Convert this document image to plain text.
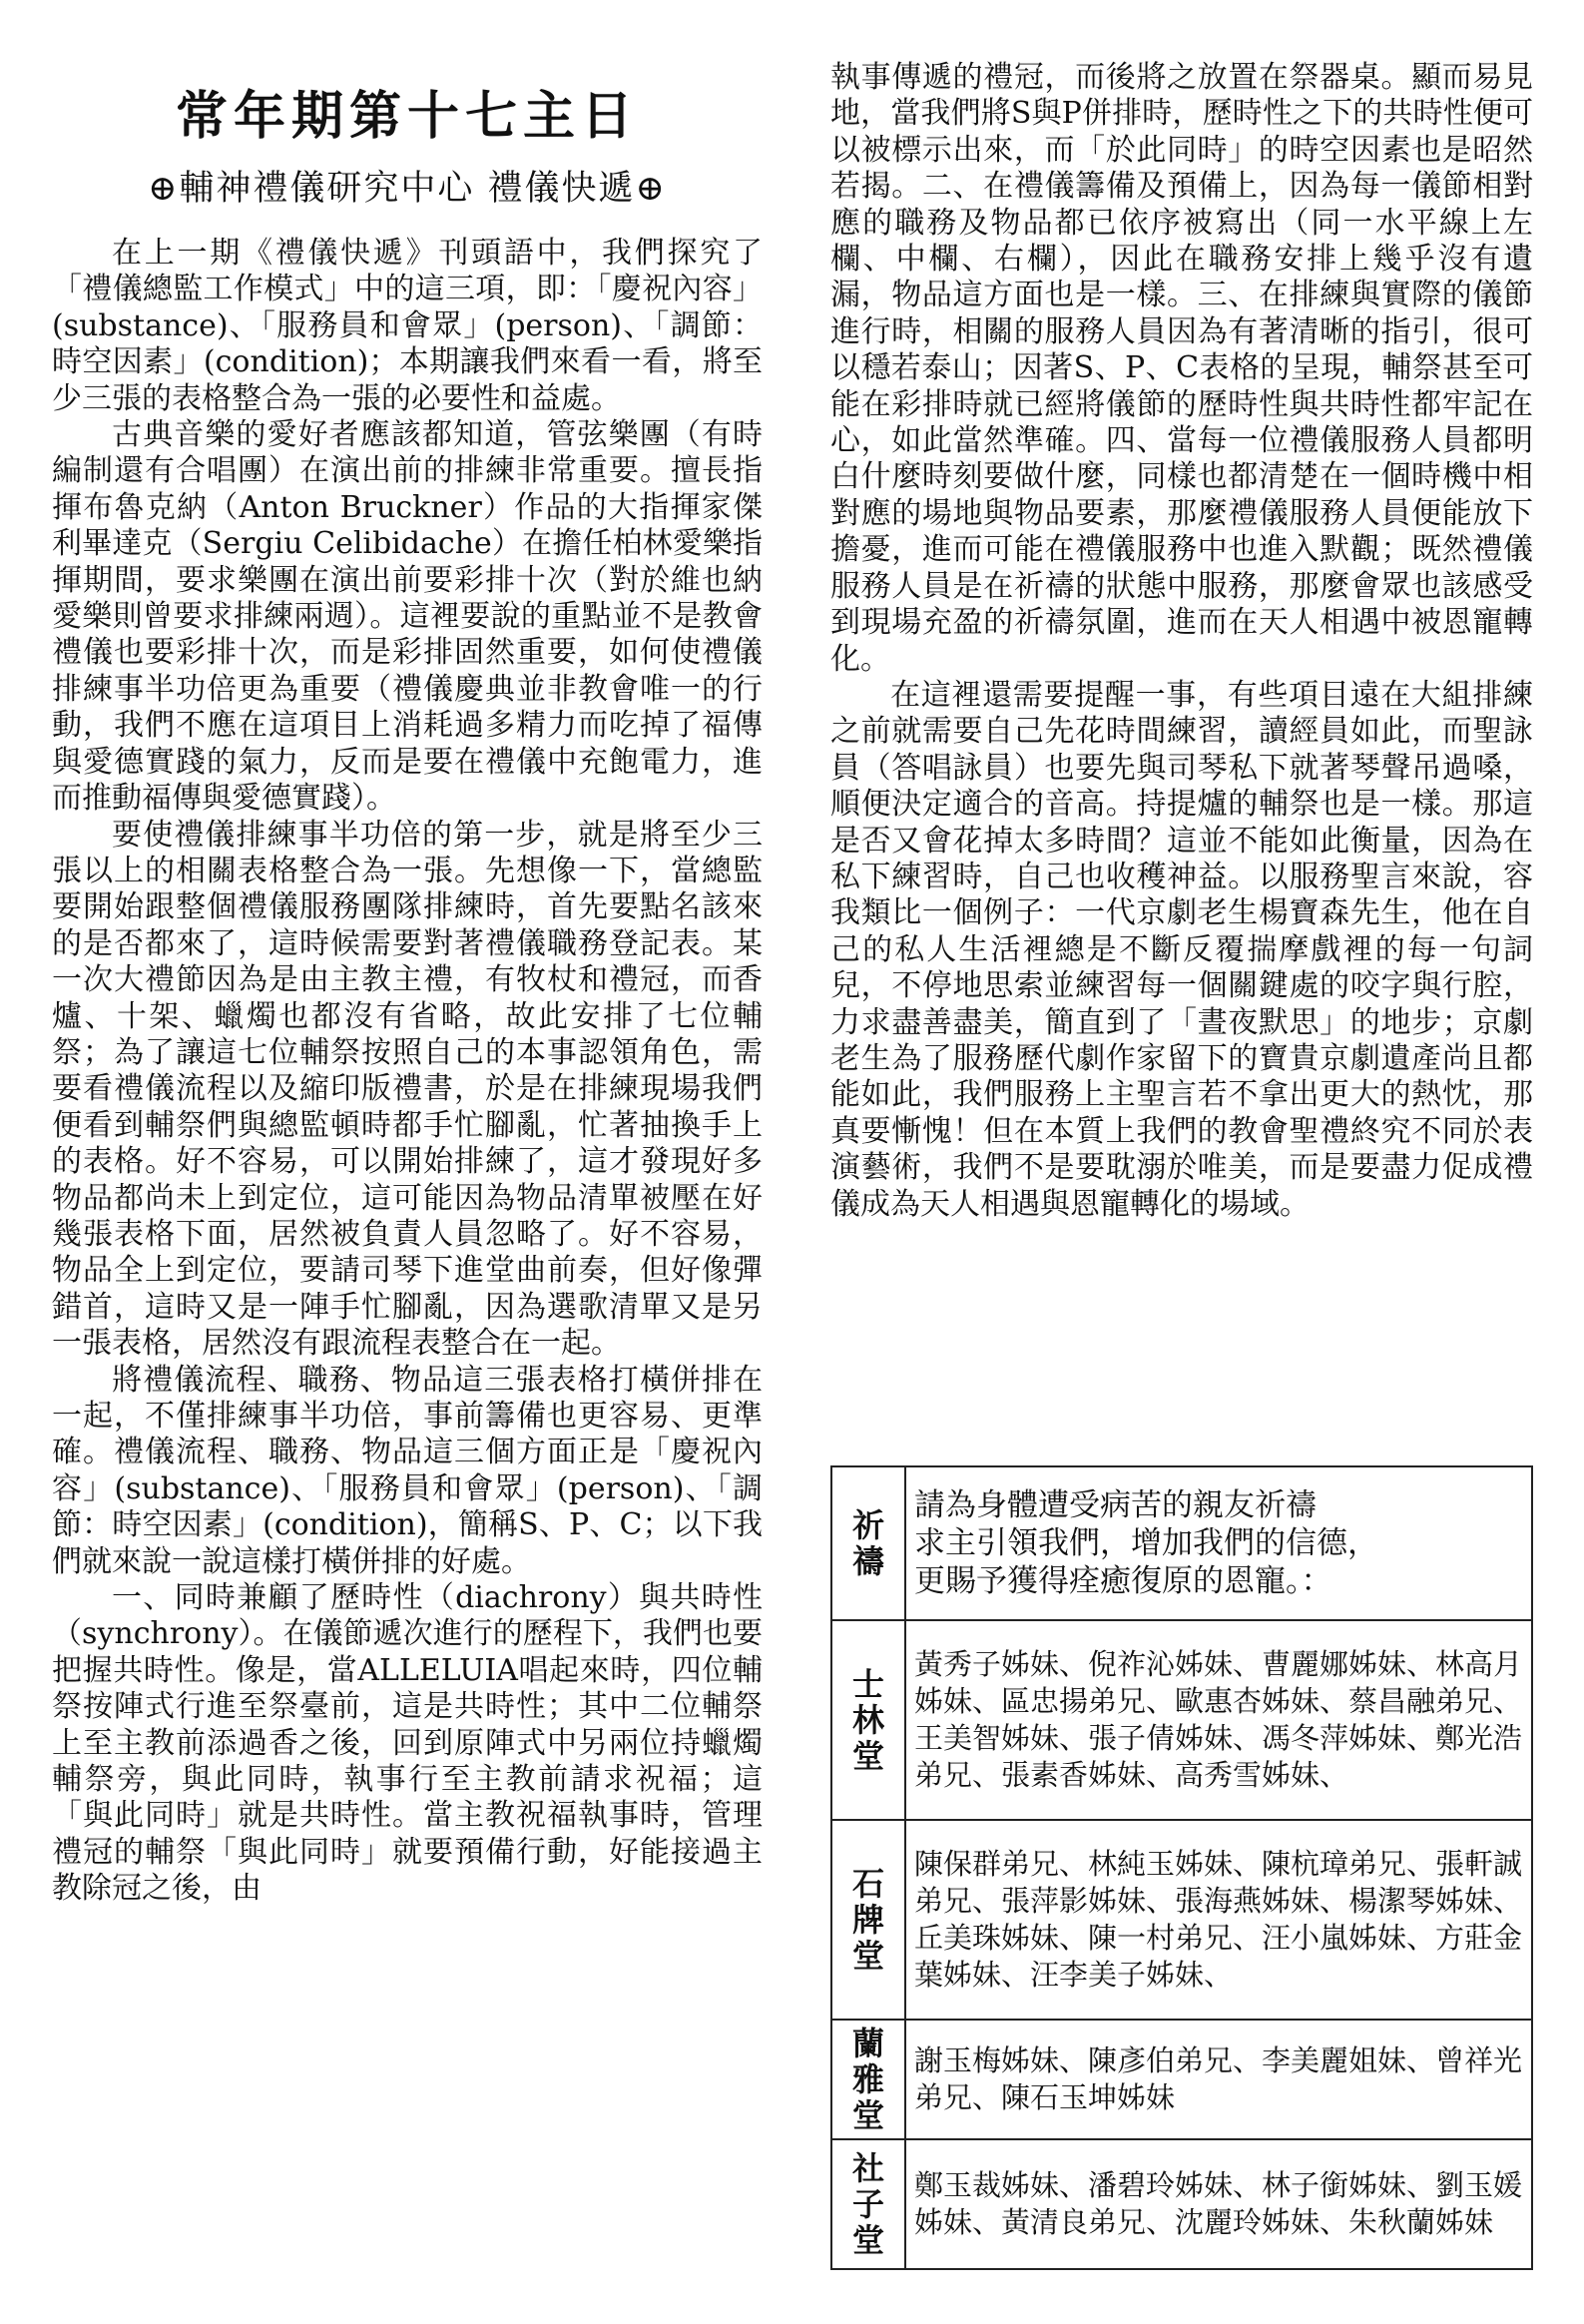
常年期第十七主日
⊕輔神禮儀研究中心 禮儀快遞⊕

在上一期《禮儀快遞》刊頭語中，我們探究了「禮儀總監工作模式」中的這三項，即：「慶祝內容」(substance)、「服務員和會眾」(person)、「調節：時空因素」(condition)；本期讓我們來看一看，將至少三張的表格整合為一張的必要性和益處。

古典音樂的愛好者應該都知道，管弦樂團（有時編制還有合唱團）在演出前的排練非常重要。擅長指揮布魯克納（Anton Bruckner）作品的大指揮家傑利畢達克（Sergiu Celibidache）在擔任柏林愛樂指揮期間，要求樂團在演出前要彩排十次（對於維也納愛樂則曾要求排練兩週）。這裡要說的重點並不是教會禮儀也要彩排十次，而是彩排固然重要，如何使禮儀排練事半功倍更為重要（禮儀慶典並非教會唯一的行動，我們不應在這項目上消耗過多精力而吃掉了福傳與愛德實踐的氣力，反而是要在禮儀中充飽電力，進而推動福傳與愛德實踐）。

要使禮儀排練事半功倍的第一步，就是將至少三張以上的相關表格整合為一張。先想像一下，當總監要開始跟整個禮儀服務團隊排練時，首先要點名該來的是否都來了，這時候需要對著禮儀職務登記表。某一次大禮節因為是由主教主禮，有牧杖和禮冠，而香爐、十架、蠟燭也都沒有省略，故此安排了七位輔祭；為了讓這七位輔祭按照自己的本事認領角色，需要看禮儀流程以及縮印版禮書，於是在排練現場我們便看到輔祭們與總監頓時都手忙腳亂，忙著抽換手上的表格。好不容易，可以開始排練了，這才發現好多物品都尚未上到定位，這可能因為物品清單被壓在好幾張表格下面，居然被負責人員忽略了。好不容易，物品全上到定位，要請司琴下進堂曲前奏，但好像彈錯首，這時又是一陣手忙腳亂，因為選歌清單又是另一張表格，居然沒有跟流程表整合在一起。

將禮儀流程、職務、物品這三張表格打橫併排在一起，不僅排練事半功倍，事前籌備也更容易、更準確。禮儀流程、職務、物品這三個方面正是「慶祝內容」(substance)、「服務員和會眾」(person)、「調節：時空因素」(condition)，簡稱S、P、C；以下我們就來說一說這樣打橫併排的好處。

一、同時兼顧了歷時性（diachrony）與共時性（synchrony）。在儀節遞次進行的歷程下，我們也要把握共時性。像是，當ALLELUIA唱起來時，四位輔祭按陣式行進至祭臺前，這是共時性；其中二位輔祭上至主教前添過香之後，回到原陣式中另兩位持蠟燭輔祭旁，與此同時，執事行至主教前請求祝福；這「與此同時」就是共時性。當主教祝福執事時，管理禮冠的輔祭「與此同時」就要預備行動，好能接過主教除冠之後，由

執事傳遞的禮冠，而後將之放置在祭器桌。顯而易見地，當我們將S與P併排時，歷時性之下的共時性便可以被標示出來，而「於此同時」的時空因素也是昭然若揭。二、在禮儀籌備及預備上，因為每一儀節相對應的職務及物品都已依序被寫出（同一水平線上左欄、中欄、右欄），因此在職務安排上幾乎沒有遺漏，物品這方面也是一樣。三、在排練與實際的儀節進行時，相關的服務人員因為有著清晰的指引，很可以穩若泰山；因著S、P、C表格的呈現，輔祭甚至可能在彩排時就已經將儀節的歷時性與共時性都牢記在心，如此當然準確。四、當每一位禮儀服務人員都明白什麼時刻要做什麼，同樣也都清楚在一個時機中相對應的場地與物品要素，那麼禮儀服務人員便能放下擔憂，進而可能在禮儀服務中也進入默觀；既然禮儀服務人員是在祈禱的狀態中服務，那麼會眾也該感受到現場充盈的祈禱氛圍，進而在天人相遇中被恩寵轉化。

在這裡還需要提醒一事，有些項目遠在大組排練之前就需要自己先花時間練習，讀經員如此，而聖詠員（答唱詠員）也要先與司琴私下就著琴聲吊過嗓，順便決定適合的音高。持提爐的輔祭也是一樣。那這是否又會花掉太多時間？這並不能如此衡量，因為在私下練習時，自己也收穫神益。以服務聖言來說，容我類比一個例子：一代京劇老生楊寶森先生，他在自己的私人生活裡總是不斷反覆揣摩戲裡的每一句詞兒，不停地思索並練習每一個關鍵處的咬字與行腔，力求盡善盡美，簡直到了「晝夜默思」的地步；京劇老生為了服務歷代劇作家留下的寶貴京劇遺產尚且都能如此，我們服務上主聖言若不拿出更大的熱忱，那真要慚愧！但在本質上我們的教會聖禮終究不同於表演藝術，我們不是要耽溺於唯美，而是要盡力促成禮儀成為天人相遇與恩寵轉化的場域。

祈禱	請為身體遭受病苦的親友祈禱
求主引領我們，增加我們的信德，
更賜予獲得痊癒復原的恩寵。：

士林堂	黃秀子姊妹、倪祚沁姊妹、曹麗娜姊妹、林高月姊妹、區忠揚弟兄、歐惠杏姊妹、蔡昌融弟兄、王美智姊妹、張子倩姊妹、馮冬萍姊妹、鄭光浩弟兄、張素香姊妹、高秀雪姊妹、

石牌堂	陳保群弟兄、林純玉姊妹、陳杭璋弟兄、張軒誠弟兄、張萍影姊妹、張海燕姊妹、楊潔琴姊妹、丘美珠姊妹、陳一村弟兄、汪小嵐姊妹、方莊金葉姊妹、汪李美子姊妹、

蘭雅堂	謝玉梅姊妹、陳彥伯弟兄、李美麗姐妹、曾祥光弟兄、陳石玉坤姊妹

社子堂	鄭玉裁姊妹、潘碧玲姊妹、林子銜姊妹、劉玉媛姊妹、黃清良弟兄、沈麗玲姊妹、朱秋蘭姊妹
